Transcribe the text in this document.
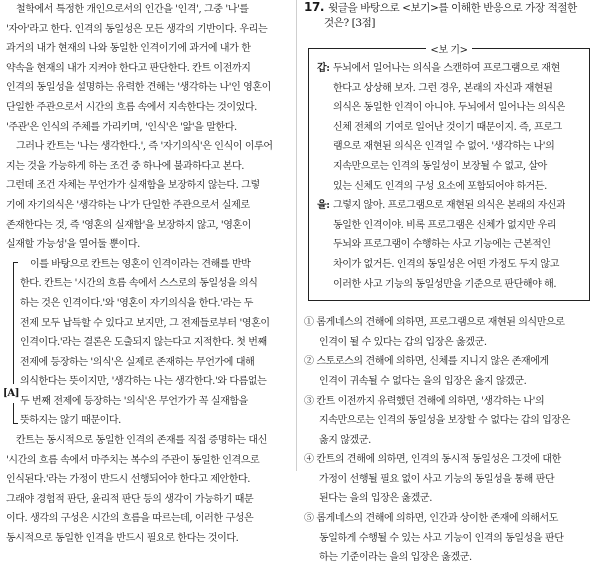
철학에서 특정한 개인으로서의 인간을 '인격', 그중 '나'를

'자아'라고 한다. 인격의 동일성은 모든 생각의 기반이다. 우리는

과거의 내가 현재의 나와 동일한 인격이기에 과거에 내가 한

약속을 현재의 내가 지켜야 한다고 판단한다. 칸트 이전까지

인격의 동일성을 설명하는 유력한 견해는 '생각하는 나'인 영혼이

단일한 주관으로서 시간의 흐름 속에서 지속한다는 것이었다.

'주관'은 인식의 주체를 가리키며, '인식'은 '앎'을 말한다.

그러나 칸트는 '나는 생각한다.', 즉 '자기의식'은 인식이 이루어

지는 것을 가능하게 하는 조건 중 하나에 불과하다고 본다.

그런데 조건 자체는 무언가가 실재함을 보장하지 않는다. 그렇

기에 자기의식은 '생각하는 나'가 단일한 주관으로서 실제로

존재한다는 것, 즉 '영혼의 실재함'을 보장하지 않고, '영혼이

실재할 가능성'을 열어둘 뿐이다.

[A]

이를 바탕으로 칸트는 영혼이 인격이라는 견해를 반박

한다. 칸트는 '시간의 흐름 속에서 스스로의 동일성을 의식

하는 것은 인격이다.'와 '영혼이 자기의식을 한다.'라는 두

전제 모두 납득할 수 있다고 보지만, 그 전제들로부터 '영혼이

인격이다.'라는 결론은 도출되지 않는다고 지적한다. 첫 번째

전제에 등장하는 '의식'은 실제로 존재하는 무언가에 대해

의식한다는 뜻이지만, '생각하는 나는 생각한다.'와 다름없는

두 번째 전제에 등장하는 '의식'은 무언가가 꼭 실재함을

뜻하지는 않기 때문이다.

칸트는 동시적으로 동일한 인격의 존재를 직접 증명하는 대신

'시간의 흐름 속에서 마주치는 복수의 주관이 동일한 인격으로

인식된다.'라는 가정이 반드시 선행되어야 한다고 제안한다.

그래야 경험적 판단, 윤리적 판단 등의 생각이 가능하기 때문

이다. 생각의 구성은 시간의 흐름을 따르는데, 이러한 구성은

동시적으로 동일한 인격을 반드시 필요로 한다는 것이다.

17. 윗글을 바탕으로 <보기>를 이해한 반응으로 가장 적절한

것은? [3점]

<보 기>
갑: 두뇌에서 일어나는 의식을 스캔하여 프로그램으로 재현

한다고 상상해 보자. 그런 경우, 본래의 자신과 재현된

의식은 동일한 인격이 아니야. 두뇌에서 일어나는 의식은

신체 전체의 기여로 일어난 것이기 때문이지. 즉, 프로그

램으로 재현된 의식은 인격일 수 없어. '생각하는 나'의

지속만으로는 인격의 동일성이 보장될 수 없고, 살아

있는 신체도 인격의 구성 요소에 포함되어야 하거든.

을: 그렇지 않아. 프로그램으로 재현된 의식은 본래의 자신과

동일한 인격이야. 비록 프로그램은 신체가 없지만 우리

두뇌와 프로그램이 수행하는 사고 기능에는 근본적인

차이가 없거든. 인격의 동일성은 어떤 가정도 두지 않고

이러한 사고 기능의 동일성만을 기준으로 판단해야 해.

① 롬게네스의 견해에 의하면, 프로그램으로 재현된 의식만으로

인격이 될 수 있다는 갑의 입장은 옳겠군.

② 스토로스의 견해에 의하면, 신체를 지니지 않은 존재에게

인격이 귀속될 수 없다는 을의 입장은 옳지 않겠군.

③ 칸트 이전까지 유력했던 견해에 의하면, '생각하는 나'의

지속만으로는 인격의 동일성을 보장할 수 없다는 갑의 입장은

옳지 않겠군.

④ 칸트의 견해에 의하면, 인격의 동시적 동일성은 그것에 대한

가정이 선행될 필요 없이 사고 기능의 동일성을 통해 판단

된다는 을의 입장은 옳겠군.

⑤ 롬게네스의 견해에 의하면, 인간과 상이한 존재에 의해서도

동일하게 수행될 수 있는 사고 기능이 인격의 동일성을 판단

하는 기준이라는 을의 입장은 옳겠군.
